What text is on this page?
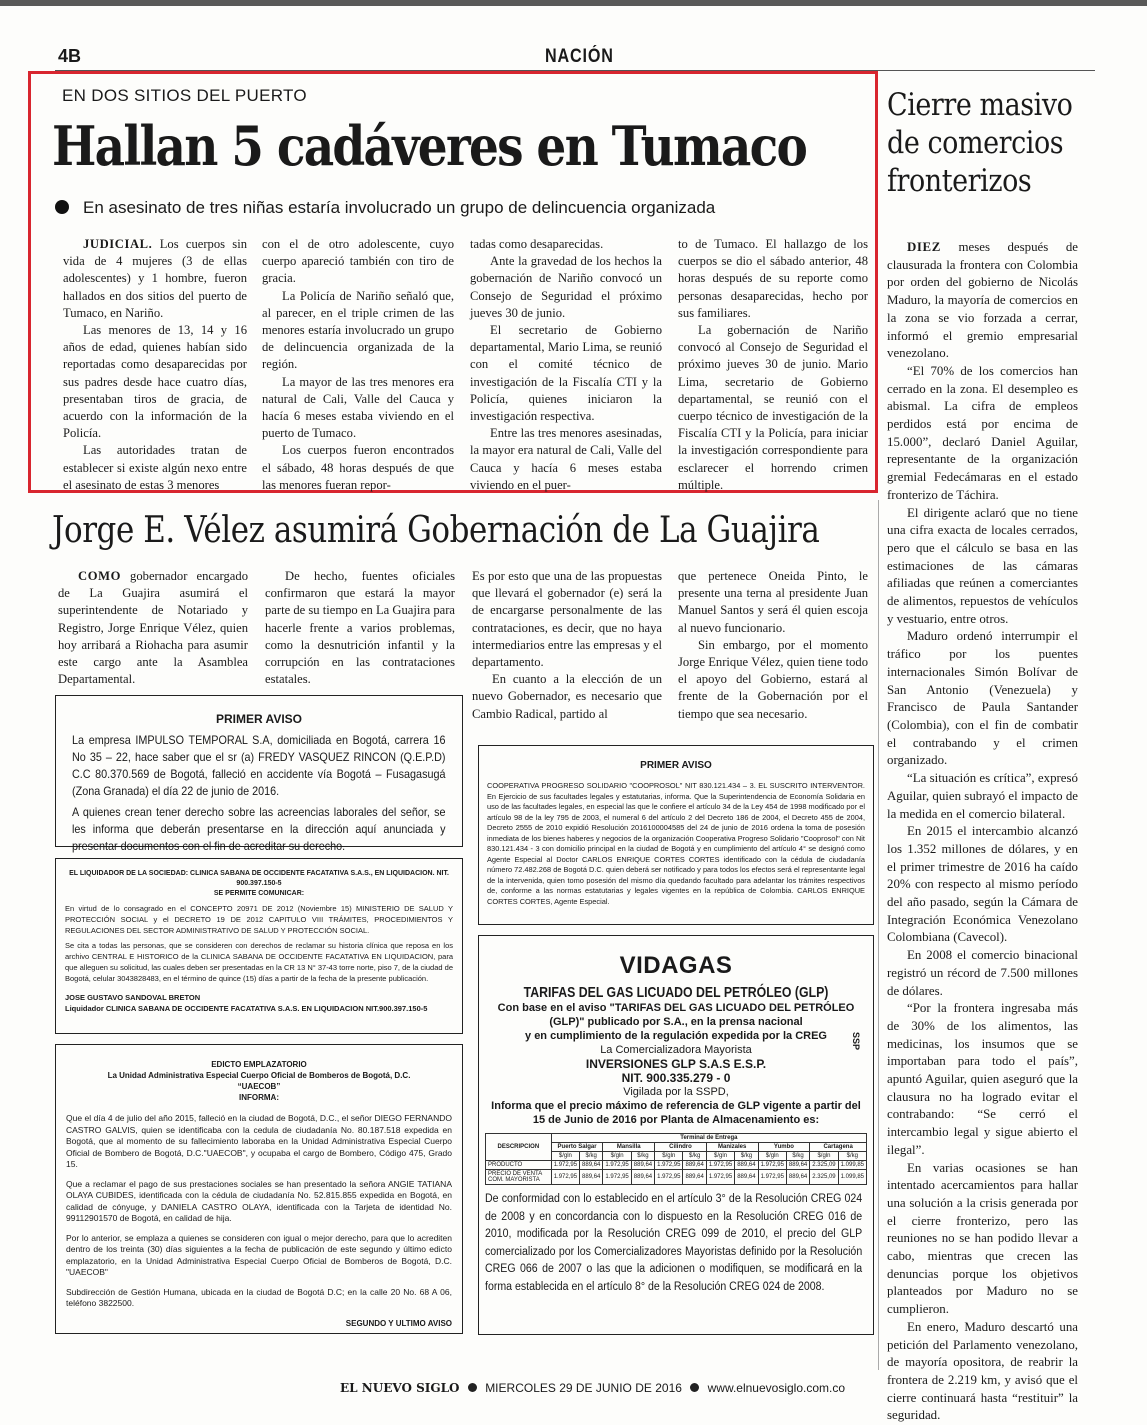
4B	NACIÓN
EN DOS SITIOS DEL PUERTO
Hallan 5 cadáveres en Tumaco
En asesinato de tres niñas estaría involucrado un grupo de delincuencia organizada

JUDICIAL. Los cuerpos sin vida de 4 mujeres (3 de ellas adolescentes) y 1 hombre, fueron hallados en dos sitios del puerto de Tumaco, en Nariño.

Las menores de 13, 14 y 16 años de edad, quienes habían sido reportadas como desaparecidas por sus padres desde hace cuatro días, presentaban tiros de gracia, de acuerdo con la información de la Policía.

Las autoridades tratan de establecer si existe algún nexo entre el asesinato de estas 3 menores

con el de otro adolescente, cuyo cuerpo apareció también con tiro de gracia.

La Policía de Nariño señaló que, al parecer, en el triple crimen de las menores estaría involucrado un grupo de delincuencia organizada de la región.

La mayor de las tres menores era natural de Cali, Valle del Cauca y hacía 6 meses estaba viviendo en el puerto de Tumaco.

Los cuerpos fueron encontrados el sábado, 48 horas después de que las menores fueran repor-

tadas como desaparecidas.

Ante la gravedad de los hechos la gobernación de Nariño convocó un Consejo de Seguridad el próximo jueves 30 de junio.

El secretario de Gobierno departamental, Mario Lima, se reunió con el comité técnico de investigación de la Fiscalía CTI y la Policía, quienes iniciaron la investigación respectiva.

Entre las tres menores asesinadas, la mayor era natural de Cali, Valle del Cauca y hacía 6 meses estaba viviendo en el puer-

to de Tumaco. El hallazgo de los cuerpos se dio el sábado anterior, 48 horas después de su reporte como personas desaparecidas, hecho por sus familiares.

La gobernación de Nariño convocó al Consejo de Seguridad el próximo jueves 30 de junio. Mario Lima, secretario de Gobierno departamental, se reunió con el cuerpo técnico de investigación de la Fiscalía CTI y la Policía, para iniciar la investigación correspondiente para esclarecer el horrendo crimen múltiple.

Cierre masivo de comercios fronterizos

DIEZ meses después de clausurada la frontera con Colombia por orden del gobierno de Nicolás Maduro, la mayoría de comercios en la zona se vio forzada a cerrar, informó el gremio empresarial venezolano.

“El 70% de los comercios han cerrado en la zona. El desempleo es abismal. La cifra de empleos perdidos está por encima de 15.000”, declaró Daniel Aguilar, representante de la organización gremial Fedecámaras en el estado fronterizo de Táchira.

El dirigente aclaró que no tiene una cifra exacta de locales cerrados, pero que el cálculo se basa en las estimaciones de las cámaras afiliadas que reúnen a comerciantes de alimentos, repuestos de vehículos y vestuario, entre otros.

Maduro ordenó interrumpir el tráfico por los puentes internacionales Simón Bolívar de San Antonio (Venezuela) y Francisco de Paula Santander (Colombia), con el fin de combatir el contrabando y el crimen organizado.

“La situación es crítica”, expresó Aguilar, quien subrayó el impacto de la medida en el comercio bilateral.

En 2015 el intercambio alcanzó los 1.352 millones de dólares, y en el primer trimestre de 2016 ha caído 20% con respecto al mismo período del año pasado, según la Cámara de Integración Económica Venezolano Colombiana (Cavecol).

En 2008 el comercio binacional registró un récord de 7.500 millones de dólares.

“Por la frontera ingresaba más de 30% de los alimentos, las medicinas, los insumos que se importaban para todo el país”, apuntó Aguilar, quien aseguró que la clausura no ha logrado evitar el contrabando: “Se cerró el intercambio legal y sigue abierto el ilegal”.

En varias ocasiones se han intentado acercamientos para hallar una solución a la crisis generada por el cierre fronterizo, pero las reuniones no se han podido llevar a cabo, mientras que crecen las denuncias porque los objetivos planteados por Maduro no se cumplieron.

En enero, Maduro descartó una petición del Parlamento venezolano, de mayoría opositora, de reabrir la frontera de 2.219 km, y avisó que el cierre continuará hasta “restituir” la seguridad.

Jorge E. Vélez asumirá Gobernación de La Guajira

COMO gobernador encargado de La Guajira asumirá el superintendente de Notariado y Registro, Jorge Enrique Vélez, quien hoy arribará a Riohacha para asumir este cargo ante la Asamblea Departamental.

De hecho, fuentes oficiales confirmaron que estará la mayor parte de su tiempo en La Guajira para hacerle frente a varios problemas, como la desnutrición infantil y la corrupción en las contrataciones estatales.

Es por esto que una de las propuestas que llevará el gobernador (e) será la de encargarse personalmente de las contrataciones, es decir, que no haya intermediarios entre las empresas y el departamento.

En cuanto a la elección de un nuevo Gobernador, es necesario que Cambio Radical, partido al

que pertenece Oneida Pinto, le presente una terna al presidente Juan Manuel Santos y será él quien escoja al nuevo funcionario.

Sin embargo, por el momento Jorge Enrique Vélez, quien tiene todo el apoyo del Gobierno, estará al frente de la Gobernación por el tiempo que sea necesario.

PRIMER AVISO

La empresa IMPULSO TEMPORAL S.A, domiciliada en Bogotá, carrera 16 No 35 – 22, hace saber que el sr (a) FREDY VASQUEZ RINCON (Q.E.P.D) C.C 80.370.569 de Bogotá, falleció en accidente vía Bogotá – Fusagasugá (Zona Granada) el día 22 de junio de 2016.

A quienes crean tener derecho sobre las acreencias laborales del señor, se les informa que deberán presentarse en la dirección aquí anunciada y presentar documentos con el fin de acreditar su derecho.

EL LIQUIDADOR DE LA SOCIEDAD: CLINICA SABANA DE OCCIDENTE FACATATIVA S.A.S., EN LIQUIDACION. NIT. 900.397.150-5
SE PERMITE COMUNICAR:

En virtud de lo consagrado en el CONCEPTO 20971 DE 2012 (Noviembre 15) MINISTERIO DE SALUD Y PROTECCIÓN SOCIAL y el DECRETO 19 DE 2012 CAPITULO VIII TRÁMITES, PROCEDIMIENTOS Y REGULACIONES DEL SECTOR ADMINISTRATIVO DE SALUD Y PROTECCIÓN SOCIAL.

Se cita a todas las personas, que se consideren con derechos de reclamar su historia clínica que reposa en los archivo CENTRAL E HISTORICO de la CLINICA SABANA DE OCCIDENTE FACATATIVA EN LIQUIDACION, para que alleguen su solicitud, las cuales deben ser presentadas en la CR 13 N° 37-43 torre norte, piso 7, de la ciudad de Bogotá, celular 3043828483, en el término de quince (15) días a partir de la fecha de la presente publicación.

JOSE GUSTAVO SANDOVAL BRETON

Liquidador CLINICA SABANA DE OCCIDENTE FACATATIVA S.A.S. EN LIQUIDACION NIT.900.397.150-5

EDICTO EMPLAZATORIO
La Unidad Administrativa Especial Cuerpo Oficial de Bomberos de Bogotá, D.C.
“UAECOB”
INFORMA:

Que el día 4 de julio del año 2015, falleció en la ciudad de Bogotá, D.C., el señor DIEGO FERNANDO CASTRO GALVIS, quien se identificaba con la cedula de ciudadanía No. 80.187.518 expedida en Bogotá, que al momento de su fallecimiento laboraba en la Unidad Administrativa Especial Cuerpo Oficial de Bombero de Bogotá, D.C."UAECOB", y ocupaba el cargo de Bombero, Código 475, Grado 15.

Que a reclamar el pago de sus prestaciones sociales se han presentado la señora ANGIE TATIANA OLAYA CUBIDES, identificada con la cédula de ciudadanía No. 52.815.855 expedida en Bogotá, en calidad de cónyuge, y DANIELA CASTRO OLAYA, identificada con la Tarjeta de identidad No. 99112901570 de Bogotá, en calidad de hija.

Por lo anterior, se emplaza a quienes se consideren con igual o mejor derecho, para que lo acrediten dentro de los treinta (30) días siguientes a la fecha de publicación de este segundo y último edicto emplazatorio, en la Unidad Administrativa Especial Cuerpo Oficial de Bomberos de Bogotá, D.C. "UAECOB"

Subdirección de Gestión Humana, ubicada en la ciudad de Bogotá D.C; en la calle 20 No. 68 A 06, teléfono 3822500.

SEGUNDO Y ULTIMO AVISO

PRIMER AVISO

COOPERATIVA PROGRESO SOLIDARIO "COOPROSOL" NIT 830.121.434 – 3. EL SUSCRITO INTERVENTOR. En Ejercicio de sus facultades legales y estatutarias, informa. Que la Superintendencia de Economía Solidaria en uso de las facultades legales, en especial las que le confiere el artículo 34 de la Ley 454 de 1998 modificado por el artículo 98 de la ley 795 de 2003, el numeral 6 del artículo 2 del Decreto 186 de 2004, el Decreto 455 de 2004, Decreto 2555 de 2010 expidió Resolución 2016100004585 del 24 de junio de 2016 ordena la toma de posesión inmediata de los bienes haberes y negocios de la organización Cooperativa Progreso Solidario "Cooprosol" con Nit 830.121.434 - 3 con domicilio principal en la ciudad de Bogotá y en cumplimiento del artículo 4° se designó como Agente Especial al Doctor CARLOS ENRIQUE CORTES CORTES identificado con la cédula de ciudadanía número 72.482.268 de Bogotá D.C. quien deberá ser notificado y para todos los efectos será el representante legal de la intervenida, quien tomo posesión del mismo día quedando facultado para adelantar los trámites respectivos de, conforme a las normas estatutarias y legales vigentes en la república de Colombia. CARLOS ENRIQUE CORTES CORTES, Agente Especial.

VIDAGAS
TARIFAS DEL GAS LICUADO DEL PETRÓLEO (GLP)
Con base en el aviso "TARIFAS DEL GAS LICUADO DEL PETRÓLEO (GLP)" publicado por S.A., en la prensa nacional
y en cumplimiento de la regulación expedida por la CREG
La Comercializadora Mayorista
INVERSIONES GLP S.A.S E.S.P.
NIT. 900.335.279 - 0
Vigilada por la SSPD,
Informa que el precio máximo de referencia de GLP vigente a partir del 15 de Junio de 2016 por Planta de Almacenamiento es:
SSP
DESCRIPCION	Terminal de Entrega											
	Puerto Salgar		Mansilla		Cilindro		Manizales		Yumbo		Cartagena	
	$/gln	$/kg	$/gln	$/kg	$/gln	$/kg	$/gln	$/kg	$/gln	$/kg	$/gln	$/kg
PRODUCTO	1.972,95	889,64	1.972,95	889,64	1.972,95	889,64	1.972,95	889,64	1.972,95	889,64	2.325,09	1.099,85
PRECIO DE VENTA COM. MAYORISTA	1.972,95	889,64	1.972,95	889,64	1.972,95	889,64	1.972,95	889,64	1.972,95	889,64	2.325,09	1.099,85

De conformidad con lo establecido en el artículo 3° de la Resolución CREG 024 de 2008 y en concordancia con lo dispuesto en la Resolución CREG 016 de 2010, modificada por la Resolución CREG 099 de 2010, el precio del GLP comercializado por los Comercializadores Mayoristas definido por la Resolución CREG 066 de 2007 o las que la adicionen o modifiquen, se modificará en la forma establecida en el artículo 8° de la Resolución CREG 024 de 2008.

EL NUEVO SIGLO MIERCOLES 29 DE JUNIO DE 2016 www.elnuevosiglo.com.co
